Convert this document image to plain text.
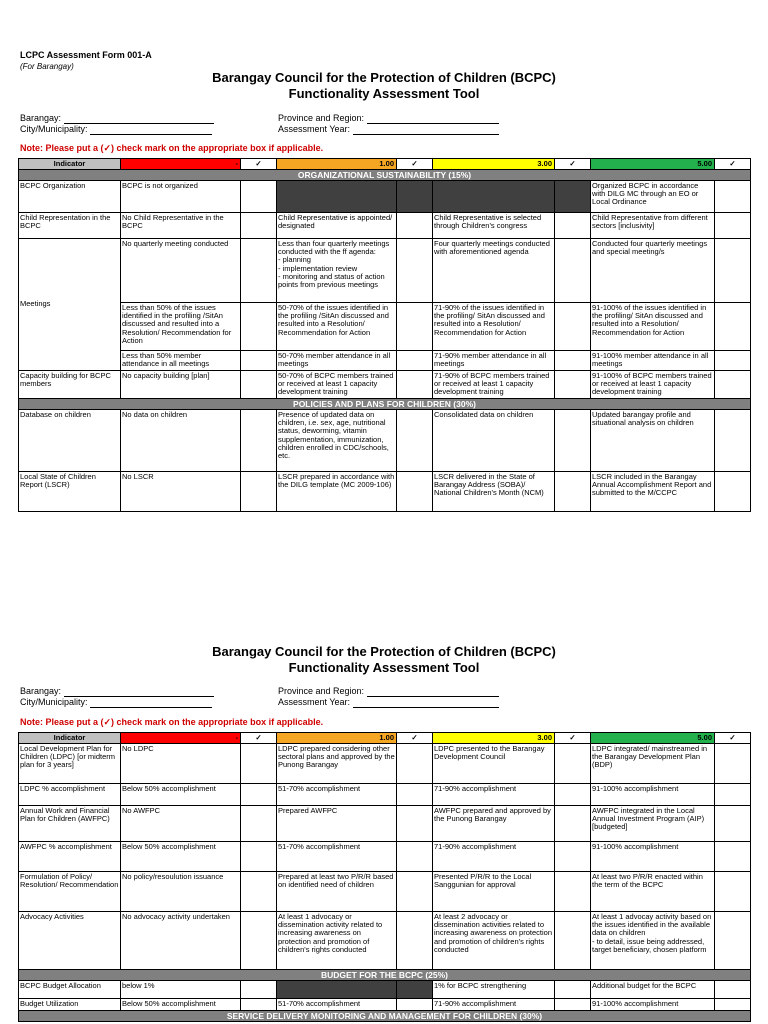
LCPC Assessment Form 001-A
(For Barangay)
Barangay Council for the Protection of Children (BCPC)
Functionality Assessment Tool
Barangay:
City/Municipality:
Province and Region:
Assessment Year:
Note: Please put a (✓) check mark on the appropriate box if applicable.
Indicator	-	✓	1.00	✓	3.00	✓	5.00	✓
ORGANIZATIONAL SUSTAINABILITY (15%)								
BCPC Organization	BCPC is not organized						Organized BCPC in accordance with DILG MC through an EO or Local Ordinance	
Child Representation in the BCPC	No Child Representative in the BCPC		Child Representative is appointed/ designated		Child Representative is selected through Children's congress		Child Representative from different sectors [inclusivity]	
Meetings	No quarterly meeting conducted		Less than four quarterly meetings conducted with the ff agenda:
- planning
- implementation review
- monitoring and status of action points from previous meetings		Four quarterly meetings conducted with aforementioned agenda		Conducted four quarterly meetings and special meeting/s	
	Less than 50% of the issues identified in the profiling /SitAn discussed and resulted into a Resolution/ Recommendation for Action		50-70% of the issues identified in the profiling /SitAn discussed and resulted into a Resolution/ Recommendation for Action		71-90% of the issues identified in the profiling/ SitAn discussed and resulted into a Resolution/ Recommendation for Action		91-100% of the issues identified in the profiling/ SitAn discussed and resulted into a Resolution/ Recommendation for Action	
	Less than 50% member attendance in all meetings		50-70% member attendance in all meetings		71-90% member attendance in all meetings		91-100% member attendance in all meetings	
Capacity building for BCPC members	No capacity building [plan]		50-70% of BCPC members trained or received at least 1 capacity development training		71-90% of BCPC members trained or received at least 1 capacity development training		91-100% of BCPC members trained or received at least 1 capacity development training	
POLICIES AND PLANS FOR CHILDREN (30%)								
Database on children	No data on children		Presence of updated data on children, i.e. sex, age, nutritional status, deworming, vitamin supplementation, immunization, children enrolled in CDC/schools, etc.		Consolidated data on children		Updated barangay profile and situational analysis on children	
Local State of Children Report (LSCR)	No LSCR		LSCR prepared in accordance with the DILG template (MC 2009-106)		LSCR delivered in the State of Barangay Address (SOBA)/ National Children's Month (NCM)		LSCR included in the Barangay Annual Accomplishment Report and submitted to the M/CCPC	
Barangay Council for the Protection of Children (BCPC)
Functionality Assessment Tool
Barangay:
City/Municipality:
Province and Region:
Assessment Year:
Note: Please put a (✓) check mark on the appropriate box if applicable.
Indicator	-	✓	1.00	✓	3.00	✓	5.00	✓
Local Development Plan for Children (LDPC) [or midterm plan for 3 years]	No LDPC		LDPC prepared considering other sectoral plans and approved by the Punong Barangay		LDPC presented to the Barangay Development Council		LDPC integrated/ mainstreamed in the Barangay Development Plan (BDP)	
LDPC % accomplishment	Below 50% accomplishment		51-70% accomplishment		71-90% accomplishment		91-100% accomplishment	
Annual Work and Financial Plan for Children (AWFPC)	No AWFPC		Prepared AWFPC		AWFPC prepared and approved by the Punong Barangay		AWFPC integrated in the Local Annual Investment Program (AIP) [budgeted]	
AWFPC % accomplishment	Below 50% accomplishment		51-70% accomplishment		71-90% accomplishment		91-100% accomplishment	
Formulation of Policy/ Resolution/ Recommendation	No policy/resoulution issuance		Prepared at least two P/R/R based on identified need of children		Presented P/R/R to the Local Sanggunian for approval		At least two P/R/R enacted within the term of the BCPC	
Advocacy Activities	No advocacy activity undertaken		At least 1 advocacy or dissemination activity related to increasing awareness on protection and promotion of children's rights conducted		At least 2 advocacy or dissemination activities related to increasing awareness on protection and promotion of children's rights conducted		At least 1 advocay activity based on the issues identified in the available data on children
- to detail, issue being addressed, target beneficiary, chosen platform	
BUDGET FOR THE BCPC (25%)								
BCPC Budget Allocation	below 1%				1% for BCPC strengthening		Additional budget for the BCPC	
Budget Utilization	Below 50% accomplishment		51-70% accomplishment		71-90% accomplishment		91-100% accomplishment	
SERVICE DELIVERY MONITORING AND MANAGEMENT FOR CHILDREN (30%)								
